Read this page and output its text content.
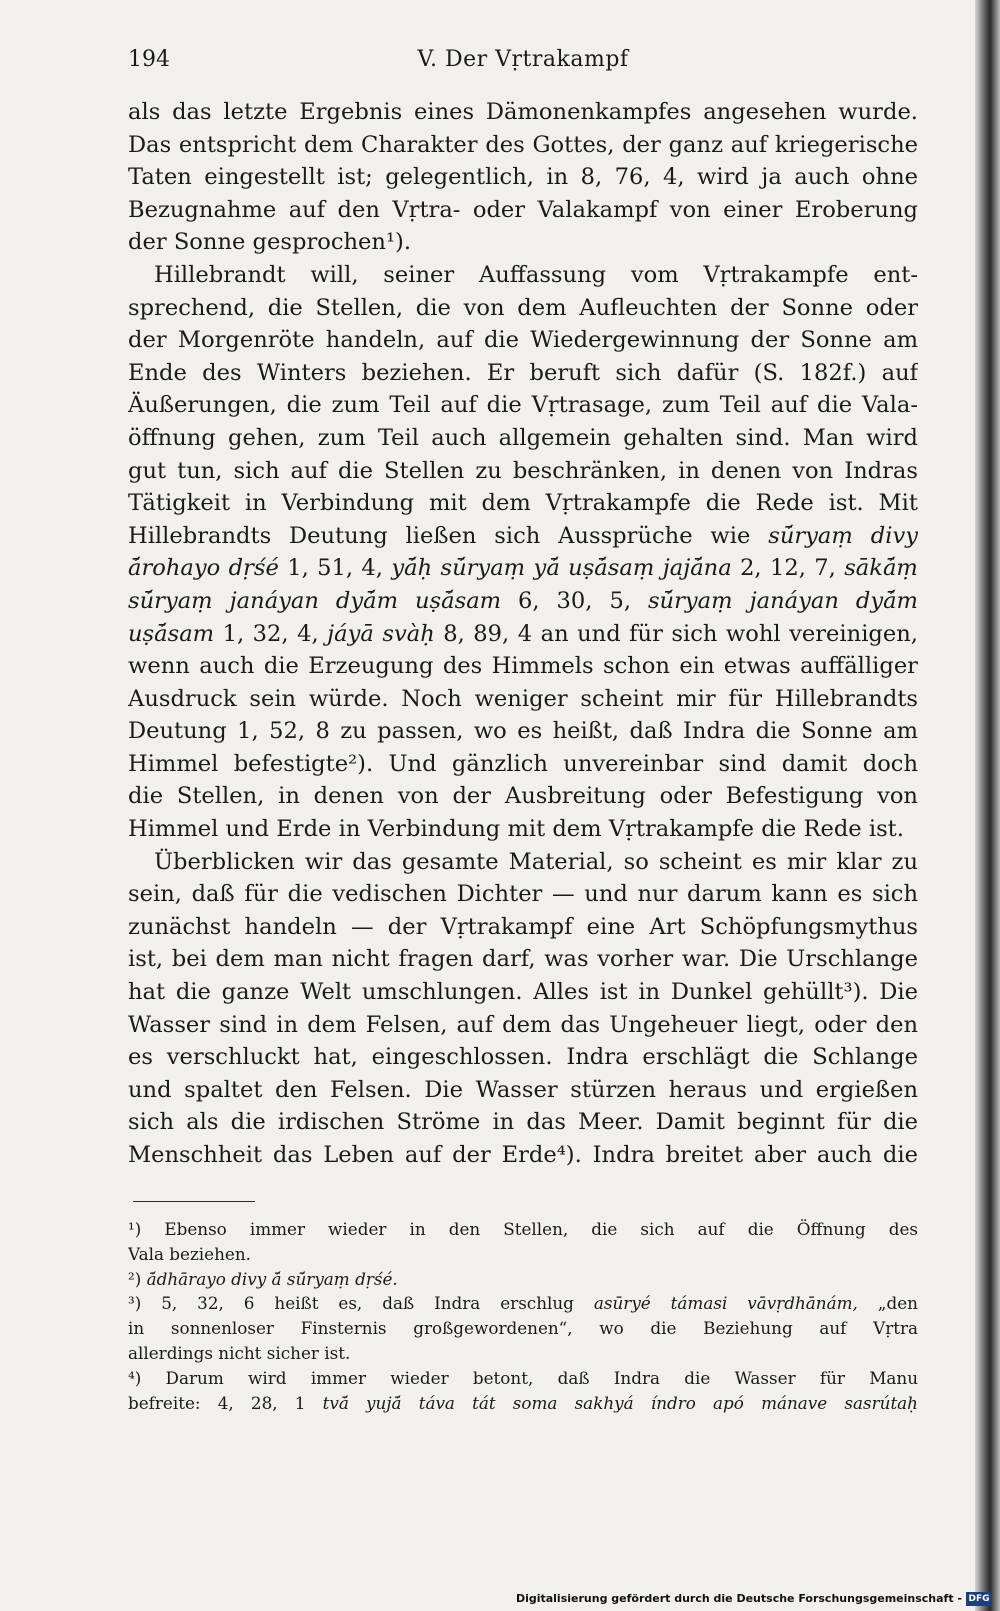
194	V. Der Vṛtrakampf
als das letzte Ergebnis eines Dämonenkampfes angesehen wurde.
Das entspricht dem Charakter des Gottes, der ganz auf kriegerische
Taten eingestellt ist; gelegentlich, in 8, 76, 4, wird ja auch ohne
Bezugnahme auf den Vṛtra- oder Valakampf von einer Eroberung
der Sonne gesprochen¹).
Hillebrandt will, seiner Auffassung vom Vṛtrakampfe ent-
sprechend, die Stellen, die von dem Aufleuchten der Sonne oder
der Morgenröte handeln, auf die Wiedergewinnung der Sonne am
Ende des Winters beziehen. Er beruft sich dafür (S. 182f.) auf
Äußerungen, die zum Teil auf die Vṛtrasage, zum Teil auf die Vala-
öffnung gehen, zum Teil auch allgemein gehalten sind. Man wird
gut tun, sich auf die Stellen zu beschränken, in denen von Indras
Tätigkeit in Verbindung mit dem Vṛtrakampfe die Rede ist. Mit
Hillebrandts Deutung ließen sich Aussprüche wie sū́ryaṃ divy
ā́rohayo dṛśé 1, 51, 4, yā́ḥ sū́ryaṃ yā́ uṣā́saṃ jajā́na 2, 12, 7, sākā́ṃ
sū́ryaṃ janáyan dyā́m uṣā́sam 6, 30, 5, sū́ryaṃ janáyan dyā́m
uṣā́sam 1, 32, 4, jáyā svàḥ 8, 89, 4 an und für sich wohl vereinigen,
wenn auch die Erzeugung des Himmels schon ein etwas auffälliger
Ausdruck sein würde. Noch weniger scheint mir für Hillebrandts
Deutung 1, 52, 8 zu passen, wo es heißt, daß Indra die Sonne am
Himmel befestigte²). Und gänzlich unvereinbar sind damit doch
die Stellen, in denen von der Ausbreitung oder Befestigung von
Himmel und Erde in Verbindung mit dem Vṛtrakampfe die Rede ist.
Überblicken wir das gesamte Material, so scheint es mir klar zu
sein, daß für die vedischen Dichter — und nur darum kann es sich
zunächst handeln — der Vṛtrakampf eine Art Schöpfungsmythus
ist, bei dem man nicht fragen darf, was vorher war. Die Urschlange
hat die ganze Welt umschlungen. Alles ist in Dunkel gehüllt³). Die
Wasser sind in dem Felsen, auf dem das Ungeheuer liegt, oder den
es verschluckt hat, eingeschlossen. Indra erschlägt die Schlange
und spaltet den Felsen. Die Wasser stürzen heraus und ergießen
sich als die irdischen Ströme in das Meer. Damit beginnt für die
Menschheit das Leben auf der Erde⁴). Indra breitet aber auch die
¹) Ebenso immer wieder in den Stellen, die sich auf die Öffnung des
Vala beziehen.
²) ā́dhārayo divy ā́ sū́ryaṃ dṛśé.
³) 5, 32, 6 heißt es, daß Indra erschlug asūryé támasi vāvṛdhānám, „den
in sonnenloser Finsternis großgewordenen“, wo die Beziehung auf Vṛtra
allerdings nicht sicher ist.
⁴) Darum wird immer wieder betont, daß Indra die Wasser für Manu
befreite: 4, 28, 1 tvā́ yujā́ táva tát soma sakhyá índro apó mánave sasrútaḥ
Digitalisierung gefördert durch die Deutsche Forschungsgemeinschaft - DFG
